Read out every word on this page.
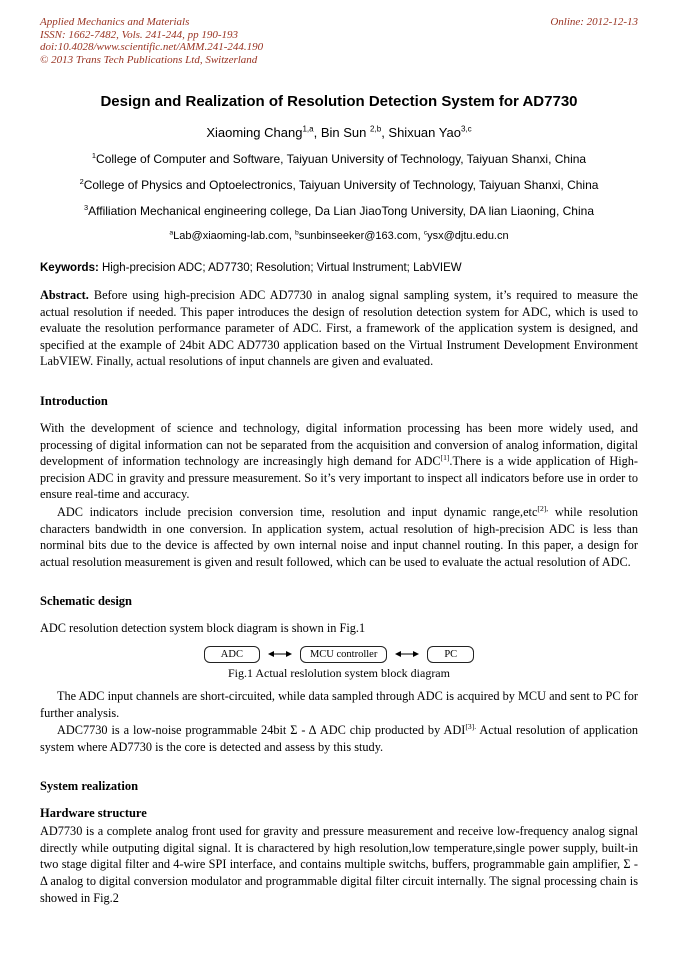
Applied Mechanics and Materials
ISSN: 1662-7482, Vols. 241-244, pp 190-193
doi:10.4028/www.scientific.net/AMM.241-244.190
© 2013 Trans Tech Publications Ltd, Switzerland
Online: 2012-12-13
Design and Realization of Resolution Detection System for AD7730
Xiaoming Chang$^{1,a}$, Bin Sun $^{2,b}$, Shixuan Yao$^{3,c}$
$^1$College of Computer and Software, Taiyuan University of Technology, Taiyuan Shanxi, China
$^2$College of Physics and Optoelectronics, Taiyuan University of Technology, Taiyuan Shanxi, China
$^3$Affiliation Mechanical engineering college, Da Lian JiaoTong University, DA lian Liaoning, China
$^a$Lab@xiaoming-lab.com, $^b$sunbinseeker@163.com, $^c$ysx@djtu.edu.cn

Keywords: High-precision ADC; AD7730; Resolution; Virtual Instrument; LabVIEW

Abstract. Before using high-precision ADC AD7730 in analog signal sampling system, it’s required to measure the actual resolution if needed. This paper introduces the design of resolution detection system for ADC, which is used to evaluate the resolution performance parameter of ADC. First, a framework of the application system is designed, and specified at the example of 24bit ADC AD7730 application based on the Virtual Instrument Development Environment LabVIEW. Finally, actual resolutions of input channels are given and evaluated.

Introduction

With the development of science and technology, digital information processing has been more widely used, and processing of digital information can not be separated from the acquisition and conversion of analog information, digital development of information technology are increasingly high demand for ADC[1].There is a wide application of High-precision ADC in gravity and pressure measurement. So it’s very important to inspect all indicators before use in order to ensure real-time and accuracy.

ADC indicators include precision conversion time, resolution and input dynamic range,etc$^{[2],}$ while resolution characters bandwidth in one conversion. In application system, actual resolution of high-precision ADC is less than norminal bits due to the device is affected by own internal noise and input channel routing. In this paper, a design for actual resolution measurement is given and result followed, which can be used to evaluate the actual resolution of ADC.

Schematic design

ADC resolution detection system block diagram is shown in Fig.1

ADC	MCU controller	PC
Fig.1 Actual reslolution system block diagram

The ADC input channels are short-circuited, while data sampled through ADC is acquired by MCU and sent to PC for further analysis.

ADC7730 is a low-noise programmable 24bit Σ - Δ ADC chip producted by $ADI^{[3].}$ Actual resolution of application system where AD7730 is the core is detected and assess by this study.

System realization
Hardware structure

AD7730 is a complete analog front used for gravity and pressure measurement and receive low-frequency analog signal directly while outputing digital signal. It is charactered by high resolution,low temperature,single power supply, built-in two stage digital filter and 4-wire SPI interface, and contains multiple switchs, buffers, programmable gain amplifier, Σ - Δ analog to digital conversion modulator and programmable digital filter circuit internally. The signal processing chain is showed in Fig.2
